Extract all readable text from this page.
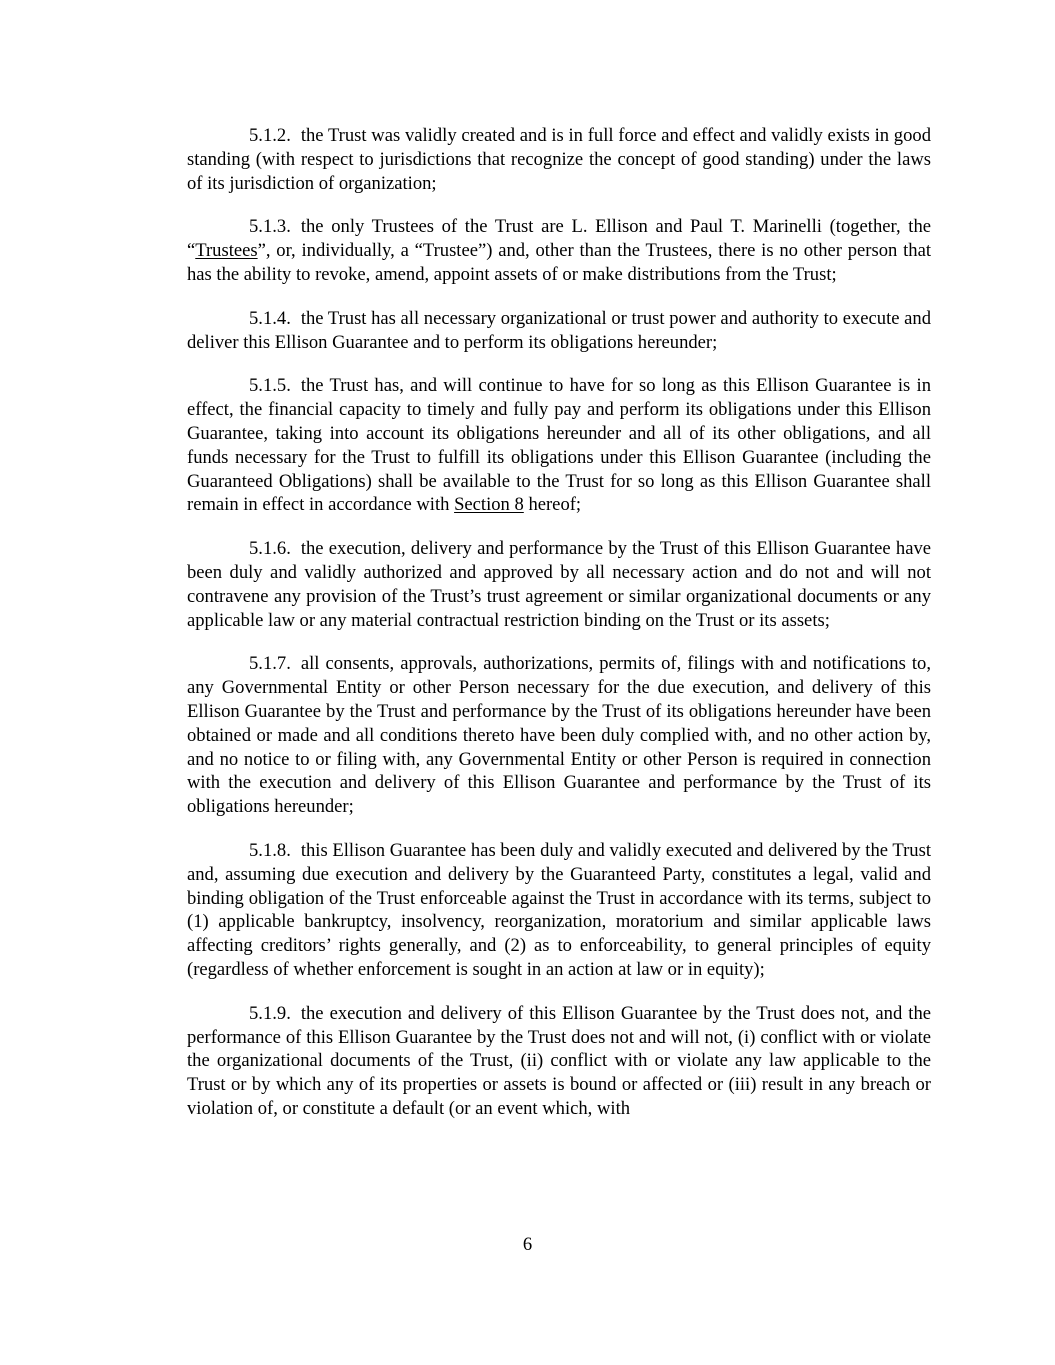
5.1.2. the Trust was validly created and is in full force and effect and validly exists in good standing (with respect to jurisdictions that recognize the concept of good standing) under the laws of its jurisdiction of organization;

5.1.3. the only Trustees of the Trust are L. Ellison and Paul T. Marinelli (together, the “Trustees”, or, individually, a “Trustee”) and, other than the Trustees, there is no other person that has the ability to revoke, amend, appoint assets of or make distributions from the Trust;

5.1.4. the Trust has all necessary organizational or trust power and authority to execute and deliver this Ellison Guarantee and to perform its obligations hereunder;

5.1.5. the Trust has, and will continue to have for so long as this Ellison Guarantee is in effect, the financial capacity to timely and fully pay and perform its obligations under this Ellison Guarantee, taking into account its obligations hereunder and all of its other obligations, and all funds necessary for the Trust to fulfill its obligations under this Ellison Guarantee (including the Guaranteed Obligations) shall be available to the Trust for so long as this Ellison Guarantee shall remain in effect in accordance with Section 8 hereof;

5.1.6. the execution, delivery and performance by the Trust of this Ellison Guarantee have been duly and validly authorized and approved by all necessary action and do not and will not contravene any provision of the Trust’s trust agreement or similar organizational documents or any applicable law or any material contractual restriction binding on the Trust or its assets;

5.1.7. all consents, approvals, authorizations, permits of, filings with and notifications to, any Governmental Entity or other Person necessary for the due execution, and delivery of this Ellison Guarantee by the Trust and performance by the Trust of its obligations hereunder have been obtained or made and all conditions thereto have been duly complied with, and no other action by, and no notice to or filing with, any Governmental Entity or other Person is required in connection with the execution and delivery of this Ellison Guarantee and performance by the Trust of its obligations hereunder;

5.1.8. this Ellison Guarantee has been duly and validly executed and delivered by the Trust and, assuming due execution and delivery by the Guaranteed Party, constitutes a legal, valid and binding obligation of the Trust enforceable against the Trust in accordance with its terms, subject to (1) applicable bankruptcy, insolvency, reorganization, moratorium and similar applicable laws affecting creditors’ rights generally, and (2) as to enforceability, to general principles of equity (regardless of whether enforcement is sought in an action at law or in equity);

5.1.9. the execution and delivery of this Ellison Guarantee by the Trust does not, and the performance of this Ellison Guarantee by the Trust does not and will not, (i) conflict with or violate the organizational documents of the Trust, (ii) conflict with or violate any law applicable to the Trust or by which any of its properties or assets is bound or affected or (iii) result in any breach or violation of, or constitute a default (or an event which, with

6
